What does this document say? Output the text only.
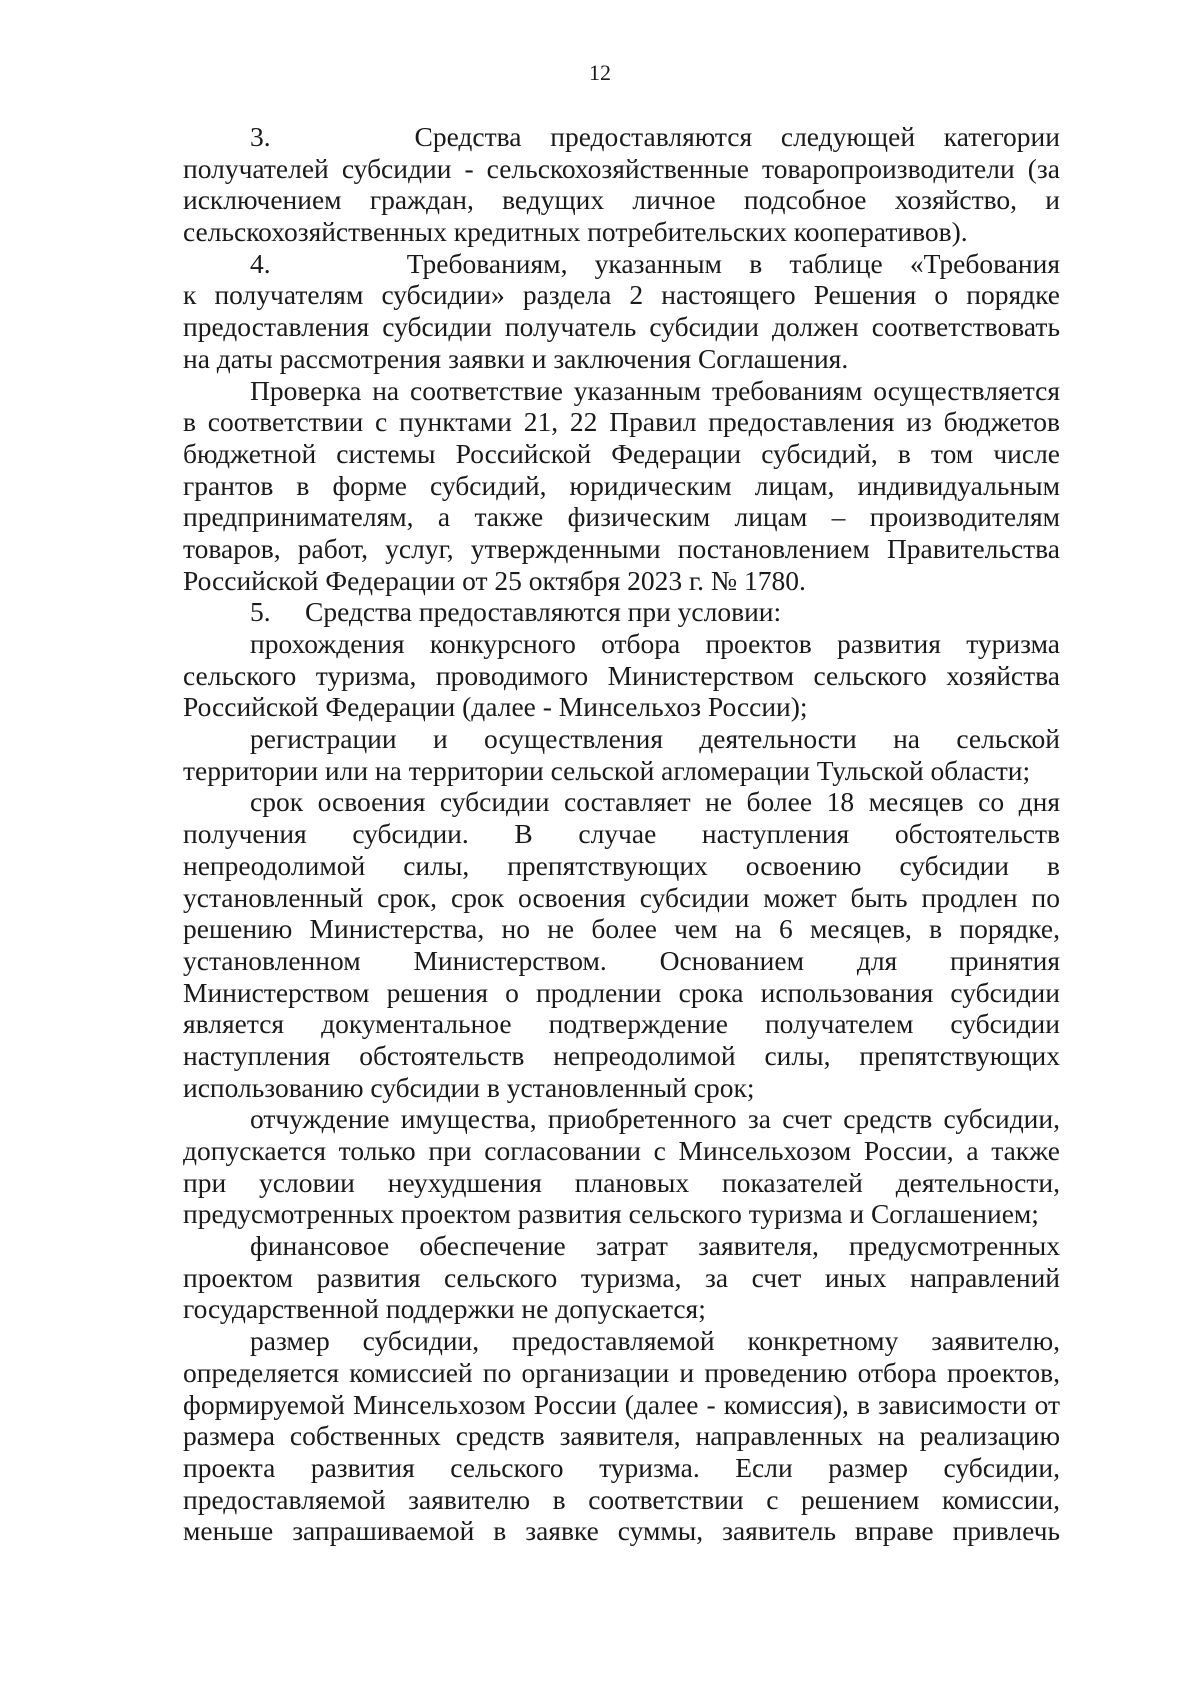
12
3.     Средства предоставляются следующей категории
получателей субсидии - сельскохозяйственные товаропроизводители (за
исключением граждан, ведущих личное подсобное хозяйство, и
сельскохозяйственных кредитных потребительских кооперативов).
4.     Требованиям, указанным в таблице «Требования
к получателям субсидии» раздела 2 настоящего Решения о порядке
предоставления субсидии получатель субсидии должен соответствовать
на даты рассмотрения заявки и заключения Соглашения.
Проверка на соответствие указанным требованиям осуществляется
в соответствии с пунктами 21, 22 Правил предоставления из бюджетов
бюджетной системы Российской Федерации субсидий, в том числе
грантов в форме субсидий, юридическим лицам, индивидуальным
предпринимателям, а также физическим лицам – производителям
товаров, работ, услуг, утвержденными постановлением Правительства
Российской Федерации от 25 октября 2023 г. № 1780.
5.     Средства предоставляются при условии:
прохождения конкурсного отбора проектов развития туризма
сельского туризма, проводимого Министерством сельского хозяйства
Российской Федерации (далее - Минсельхоз России);
регистрации и осуществления деятельности на сельской
территории или на территории сельской агломерации Тульской области;
срок освоения субсидии составляет не более 18 месяцев со дня
получения субсидии. В случае наступления обстоятельств
непреодолимой силы, препятствующих освоению субсидии в
установленный срок, срок освоения субсидии может быть продлен по
решению Министерства, но не более чем на 6 месяцев, в порядке,
установленном Министерством. Основанием для принятия
Министерством решения о продлении срока использования субсидии
является документальное подтверждение получателем субсидии
наступления обстоятельств непреодолимой силы, препятствующих
использованию субсидии в установленный срок;
отчуждение имущества, приобретенного за счет средств субсидии,
допускается только при согласовании с Минсельхозом России, а также
при условии неухудшения плановых показателей деятельности,
предусмотренных проектом развития сельского туризма и Соглашением;
финансовое обеспечение затрат заявителя, предусмотренных
проектом развития сельского туризма, за счет иных направлений
государственной поддержки не допускается;
размер субсидии, предоставляемой конкретному заявителю,
определяется комиссией по организации и проведению отбора проектов,
формируемой Минсельхозом России (далее - комиссия), в зависимости от
размера собственных средств заявителя, направленных на реализацию
проекта развития сельского туризма. Если размер субсидии,
предоставляемой заявителю в соответствии с решением комиссии,
меньше запрашиваемой в заявке суммы, заявитель вправе привлечь
